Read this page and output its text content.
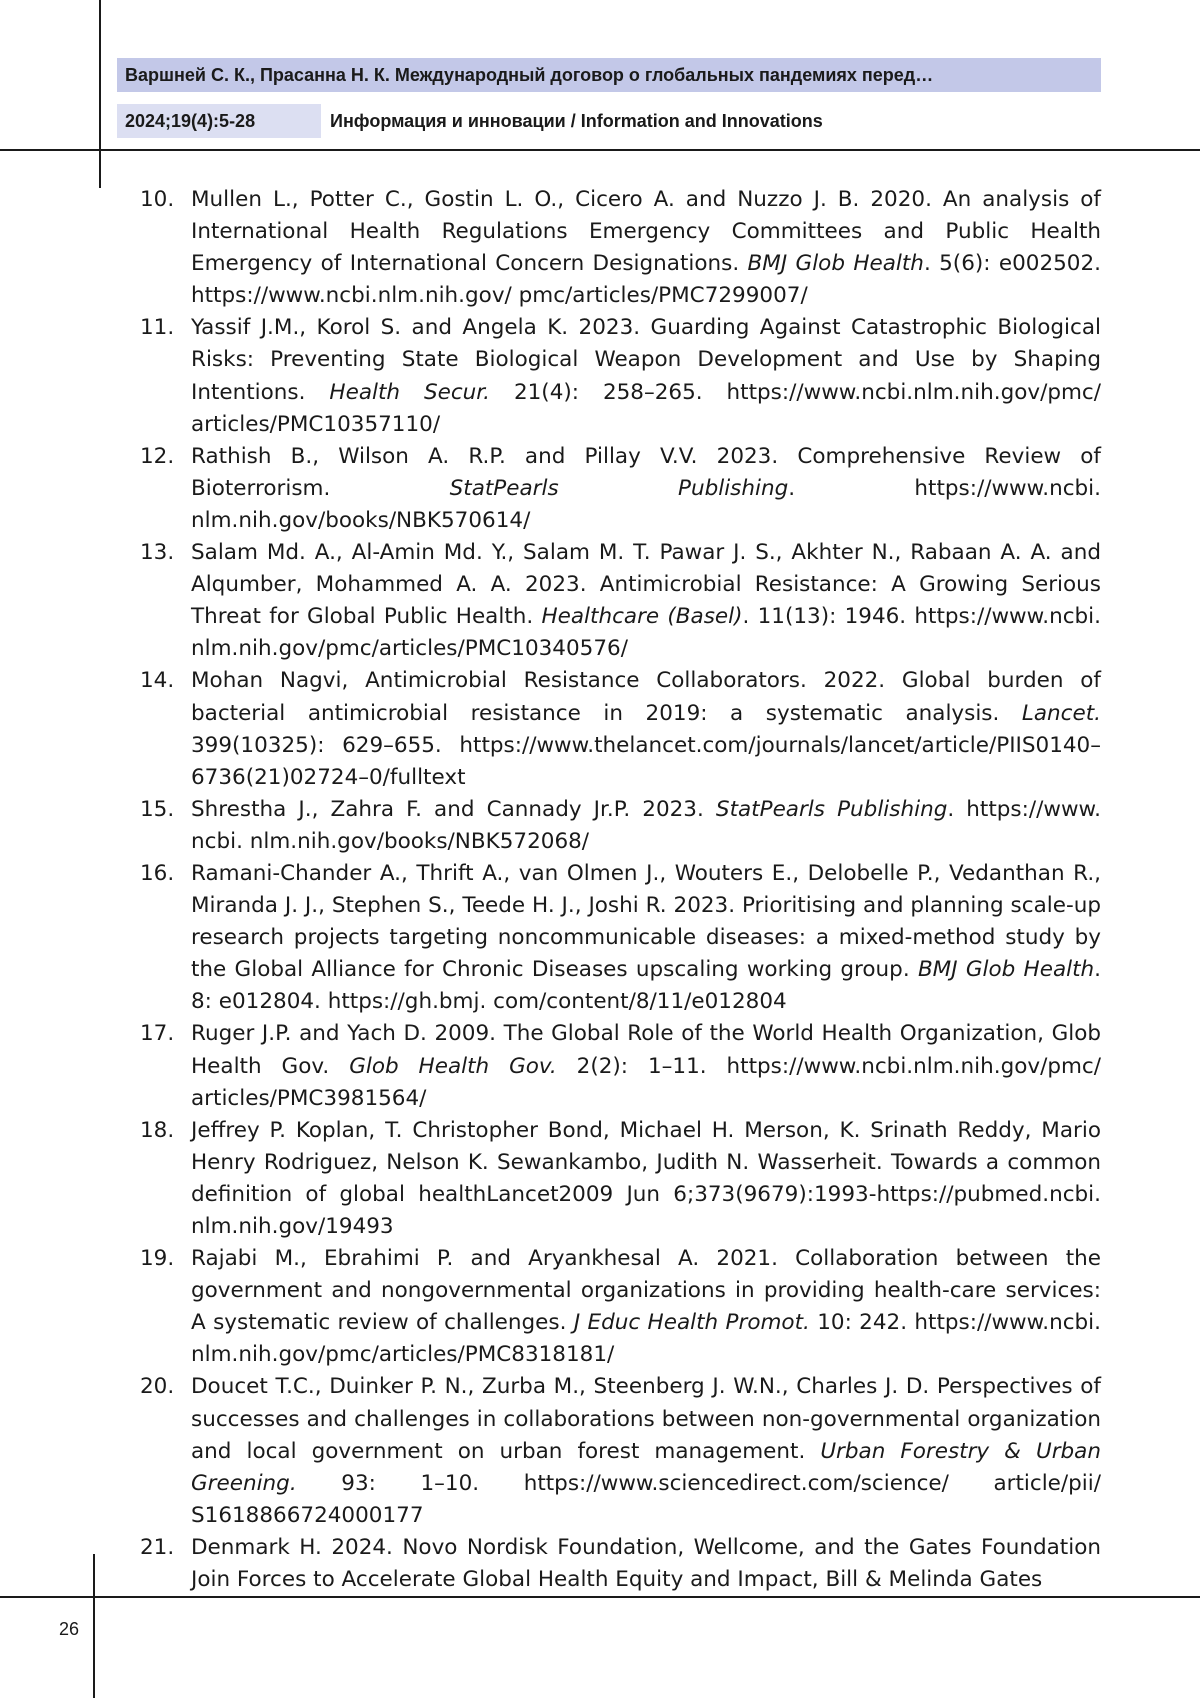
Варшней С. К., Прасанна Н. К. Международный договор о глобальных пандемиях перед…
2024;19(4):5-28	Информация и инновации / Information and Innovations
10. Mullen L., Potter C., Gostin L. O., Cicero A. and Nuzzo J. B. 2020. An analysis of International Health Regulations Emergency Committees and Public Health Emergency of International Concern Designations. BMJ Glob Health. 5(6): e002502. https://www.ncbi.nlm.nih.gov/ pmc/articles/PMC7299007/
11. Yassif J.M., Korol S. and Angela K. 2023. Guarding Against Catastrophic Biological Risks: Preventing State Biological Weapon Development and Use by Shaping Intentions. Health Secur. 21(4): 258–265. https://www.ncbi.nlm.nih.gov/pmc/ articles/PMC10357110/
12. Rathish B., Wilson A. R.P. and Pillay V.V. 2023. Comprehensive Review of Bioterrorism. StatPearls Publishing. https://www.ncbi. nlm.nih.gov/books/NBK570614/
13. Salam Md. A., Al-Amin Md. Y., Salam M. T. Pawar J. S., Akhter N., Rabaan A. A. and Alqumber, Mohammed A. A. 2023. Antimicrobial Resistance: A Growing Serious Threat for Global Public Health. Healthcare (Basel). 11(13): 1946. https://www.ncbi. nlm.nih.gov/pmc/articles/PMC10340576/
14. Mohan Nagvi, Antimicrobial Resistance Collaborators. 2022. Global burden of bacterial antimicrobial resistance in 2019: a systematic analysis. Lancet. 399(10325): 629–655. https://www.thelancet.com/journals/lancet/article/PIIS0140–6736(21)02724–0/fulltext
15. Shrestha J., Zahra F. and Cannady Jr.P. 2023. StatPearls Publishing. https://www. ncbi. nlm.nih.gov/books/NBK572068/
16. Ramani-Chander A., Thrift A., van Olmen J., Wouters E., Delobelle P., Vedanthan R., Miranda J. J., Stephen S., Teede H. J., Joshi R. 2023. Prioritising and planning scale-up research projects targeting noncommunicable diseases: a mixed-method study by the Global Alliance for Chronic Diseases upscaling working group. BMJ Glob Health. 8: e012804. https://gh.bmj. com/content/8/11/e012804
17. Ruger J.P. and Yach D. 2009. The Global Role of the World Health Organization, Glob Health Gov. Glob Health Gov. 2(2): 1–11. https://www.ncbi.nlm.nih.gov/pmc/ articles/PMC3981564/
18. Jeffrey P. Koplan, T. Christopher Bond, Michael H. Merson, K. Srinath Reddy, Mario Henry Rodriguez, Nelson K. Sewankambo, Judith N. Wasserheit. Towards a common definition of global healthLancet2009 Jun 6;373(9679):1993-https://pubmed.ncbi. nlm.nih.gov/19493
19. Rajabi M., Ebrahimi P. and Aryankhesal A. 2021. Collaboration between the government and nongovernmental organizations in providing health-care services: A systematic review of challenges. J Educ Health Promot. 10: 242. https://www.ncbi. nlm.nih.gov/pmc/articles/PMC8318181/
20. Doucet T.C., Duinker P. N., Zurba M., Steenberg J. W.N., Charles J. D. Perspectives of successes and challenges in collaborations between non-governmental organization and local government on urban forest management. Urban Forestry & Urban Greening. 93: 1–10. https://www.sciencedirect.com/science/ article/pii/ S1618866724000177
21. Denmark H. 2024. Novo Nordisk Foundation, Wellcome, and the Gates Foundation Join Forces to Accelerate Global Health Equity and Impact, Bill & Melinda Gates
26
